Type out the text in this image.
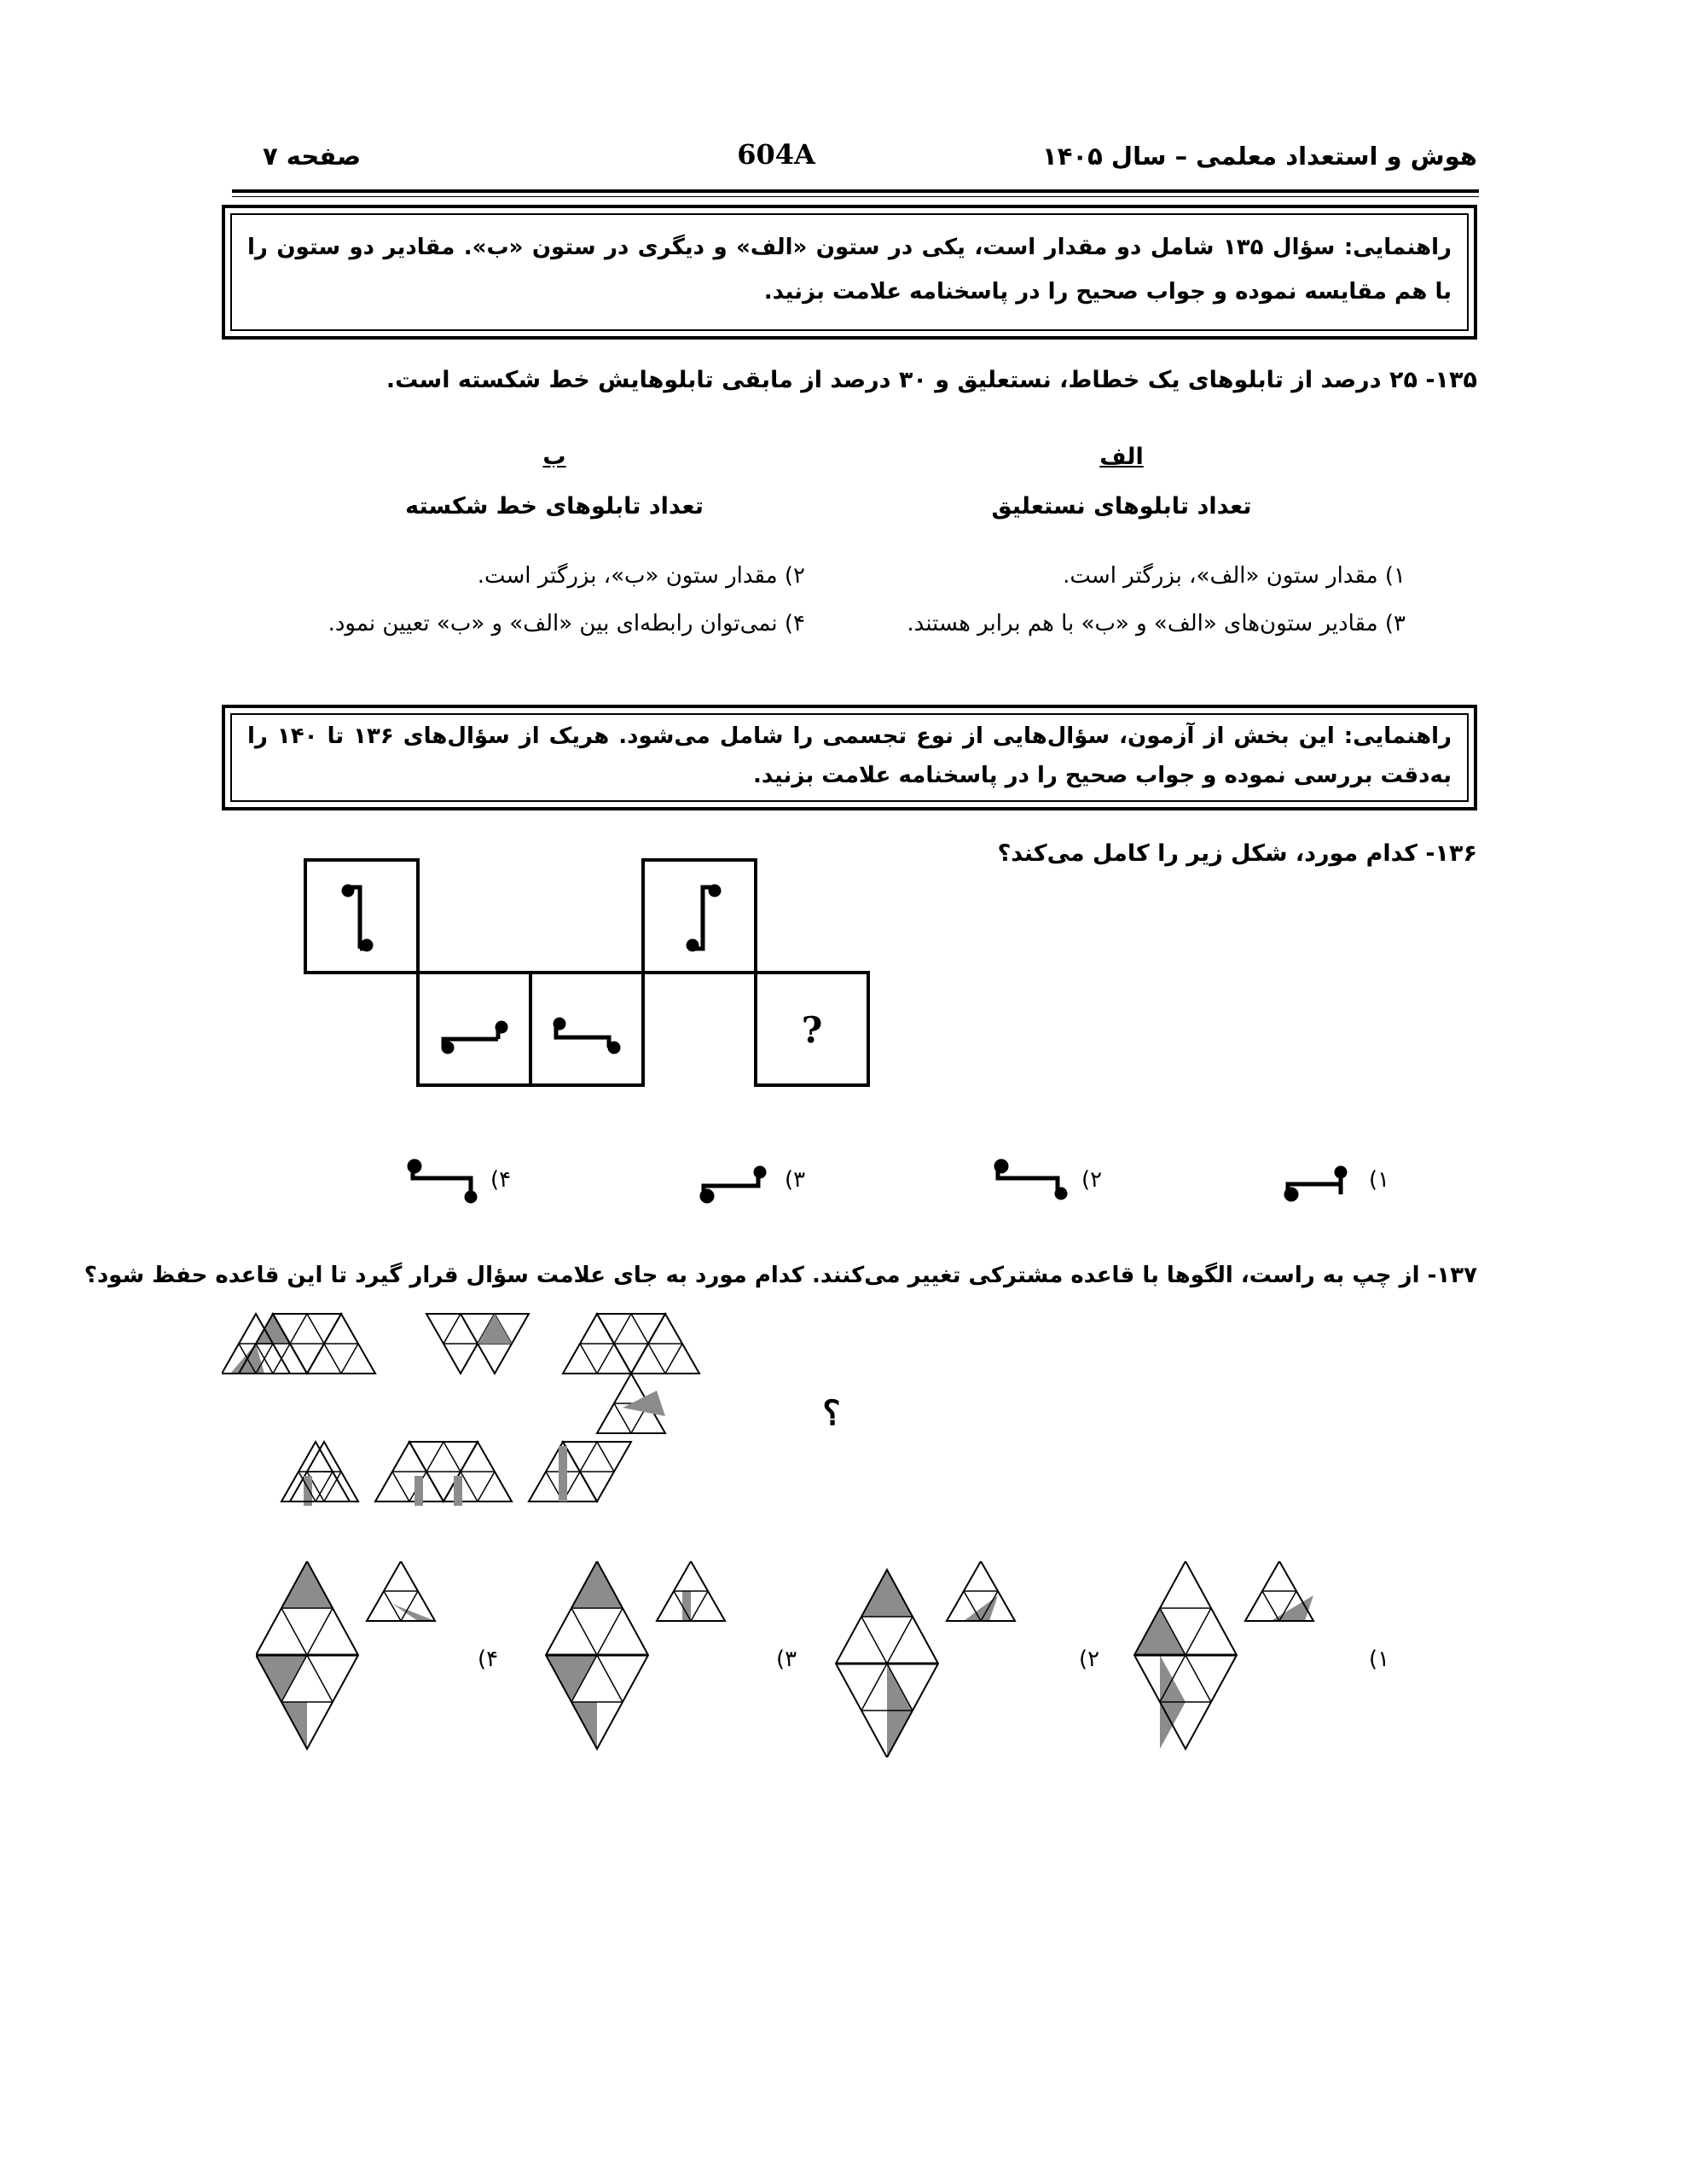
هوش و استعداد معلمی – سال ۱۴۰۵
604A
صفحه ۷
راهنمایی: سؤال ۱۳۵ شامل دو مقدار است، یکی در ستون «الف» و دیگری در ستون «ب». مقادیر دو ستون را با هم مقایسه نموده و جواب صحیح را در پاسخنامه علامت بزنید.
۱۳۵- ۲۵ درصد از تابلوهای یک خطاط، نستعلیق و ۳۰ درصد از مابقی تابلوهایش خط شکسته است.
الف
تعداد تابلوهای نستعلیق
ب
تعداد تابلوهای خط شکسته
۱) مقدار ستون «الف»، بزرگتر است.
۲) مقدار ستون «ب»، بزرگتر است.
۳) مقادیر ستون‌های «الف» و «ب» با هم برابر هستند.
۴) نمی‌توان رابطه‌ای بین «الف» و «ب» تعیین نمود.
راهنمایی: این بخش از آزمون، سؤال‌هایی از نوع تجسمی را شامل می‌شود. هریک از سؤال‌های ۱۳۶ تا ۱۴۰ را به‌دقت بررسی نموده و جواب صحیح را در پاسخنامه علامت بزنید.
۱۳۶- کدام مورد، شکل زیر را کامل می‌کند؟
?
(۱
(۲
(۳
(۴
۱۳۷- از چپ به راست، الگوها با قاعده مشترکی تغییر می‌کنند. کدام مورد به جای علامت سؤال قرار گیرد تا این قاعده حفظ شود؟
؟
(۱
(۲
(۳
(۴
